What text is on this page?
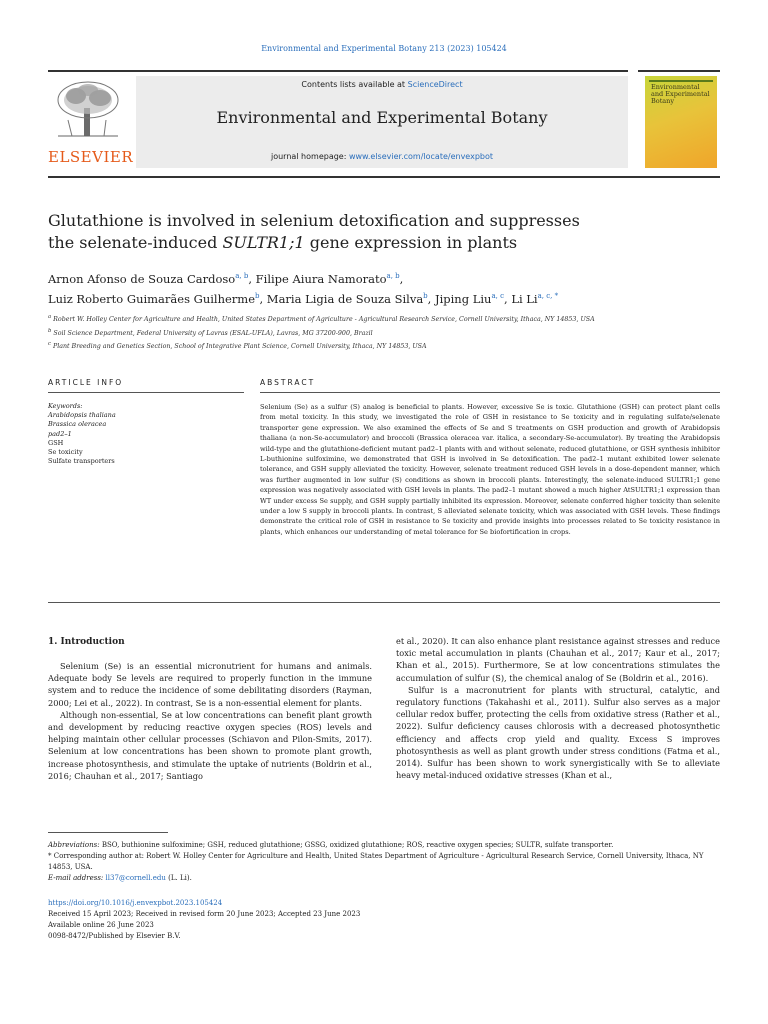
Environmental and Experimental Botany 213 (2023) 105424
ELSEVIER
Contents lists available at ScienceDirect
Environmental and Experimental Botany
journal homepage: www.elsevier.com/locate/envexpbot
Environmental and Experimental Botany
Glutathione is involved in selenium detoxification and suppresses the selenate-induced SULTR1;1 gene expression in plants
Arnon Afonso de Souza Cardoso$^{a, b}$, Filipe Aiura Namorato$^{a, b}$,
Luiz Roberto Guimarães Guilherme$^b$, Maria Ligia de Souza Silva$^b$, Jiping Liu$^{a, c}$, Li $Li^{a, c, *}$
$^a$ Robert W. Holley Center for Agriculture and Health, United States Department of Agriculture - Agricultural Research Service, Cornell University, Ithaca, NY 14853, USA
$^b$ Soil Science Department, Federal University of Lavras (ESAL-UFLA), Lavras, MG 37200-900, Brazil
$^c$ Plant Breeding and Genetics Section, School of Integrative Plant Science, Cornell University, Ithaca, NY 14853, USA
ARTICLE INFO	ABSTRACT
Keywords:
Arabidopsis thaliana
Brassica oleracea
pad2–1
GSH
Se toxicity
Sulfate transporters
Selenium (Se) as a sulfur (S) analog is beneficial to plants. However, excessive Se is toxic. Glutathione (GSH) can protect plant cells from metal toxicity. In this study, we investigated the role of GSH in resistance to Se toxicity and in regulating sulfate/selenate transporter gene expression. We also examined the effects of Se and S treatments on GSH production and growth of Arabidopsis thaliana (a non-Se-accumulator) and broccoli (Brassica oleracea var. italica, a secondary-Se-accumulator). By treating the Arabidopsis wild-type and the glutathione-deficient mutant pad2–1 plants with and without selenate, reduced glutathione, or GSH synthesis inhibitor L-buthionine sulfoximine, we demonstrated that GSH is involved in Se detoxification. The pad2–1 mutant exhibited lower selenate tolerance, and GSH supply alleviated the toxicity. However, selenate treatment reduced GSH levels in a dose-dependent manner, which was further augmented in low sulfur (S) conditions as shown in broccoli plants. Interestingly, the selenate-induced SULTR1;1 gene expression was negatively associated with GSH levels in plants. The pad2–1 mutant showed a much higher AtSULTR1;1 expression than WT under excess Se supply, and GSH supply partially inhibited its expression. Moreover, selenate conferred higher toxicity than selenite under a low S supply in broccoli plants. In contrast, S alleviated selenate toxicity, which was associated with GSH levels. These findings demonstrate the critical role of GSH in resistance to Se toxicity and provide insights into processes related to Se toxicity resistance in plants, which enhances our understanding of metal tolerance for Se biofortification in crops.
1. Introduction

Selenium (Se) is an essential micronutrient for humans and animals. Adequate body Se levels are required to properly function in the immune system and to reduce the incidence of some debilitating disorders (Rayman, 2000; Lei et al., 2022). In contrast, Se is a non-essential element for plants.

Although non-essential, Se at low concentrations can benefit plant growth and development by reducing reactive oxygen species (ROS) levels and helping maintain other cellular processes (Schiavon and Pilon-Smits, 2017). Selenium at low concentrations has been shown to promote plant growth, increase photosynthesis, and stimulate the uptake of nutrients (Boldrin et al., 2016; Chauhan et al., 2017; Santiago

et al., 2020). It can also enhance plant resistance against stresses and reduce toxic metal accumulation in plants (Chauhan et al., 2017; Kaur et al., 2017; Khan et al., 2015). Furthermore, Se at low concentrations stimulates the accumulation of sulfur (S), the chemical analog of Se (Boldrin et al., 2016).

Sulfur is a macronutrient for plants with structural, catalytic, and regulatory functions (Takahashi et al., 2011). Sulfur also serves as a major cellular redox buffer, protecting the cells from oxidative stress (Rather et al., 2022). Sulfur deficiency causes chlorosis with a decreased photosynthetic efficiency and affects crop yield and quality. Excess S improves photosynthesis as well as plant growth under stress conditions (Fatma et al., 2014). Sulfur has been shown to work synergistically with Se to alleviate heavy metal-induced oxidative stresses (Khan et al.,

Abbreviations: BSO, buthionine sulfoximine; GSH, reduced glutathione; GSSG, oxidized glutathione; ROS, reactive oxygen species; SULTR, sulfate transporter.

* Corresponding author at: Robert W. Holley Center for Agriculture and Health, United States Department of Agriculture - Agricultural Research Service, Cornell University, Ithaca, NY 14853, USA.

E-mail address: ll37@cornell.edu (L. Li).

https://doi.org/10.1016/j.envexpbot.2023.105424

Received 15 April 2023; Received in revised form 20 June 2023; Accepted 23 June 2023

Available online 26 June 2023

0098-8472/Published by Elsevier B.V.
